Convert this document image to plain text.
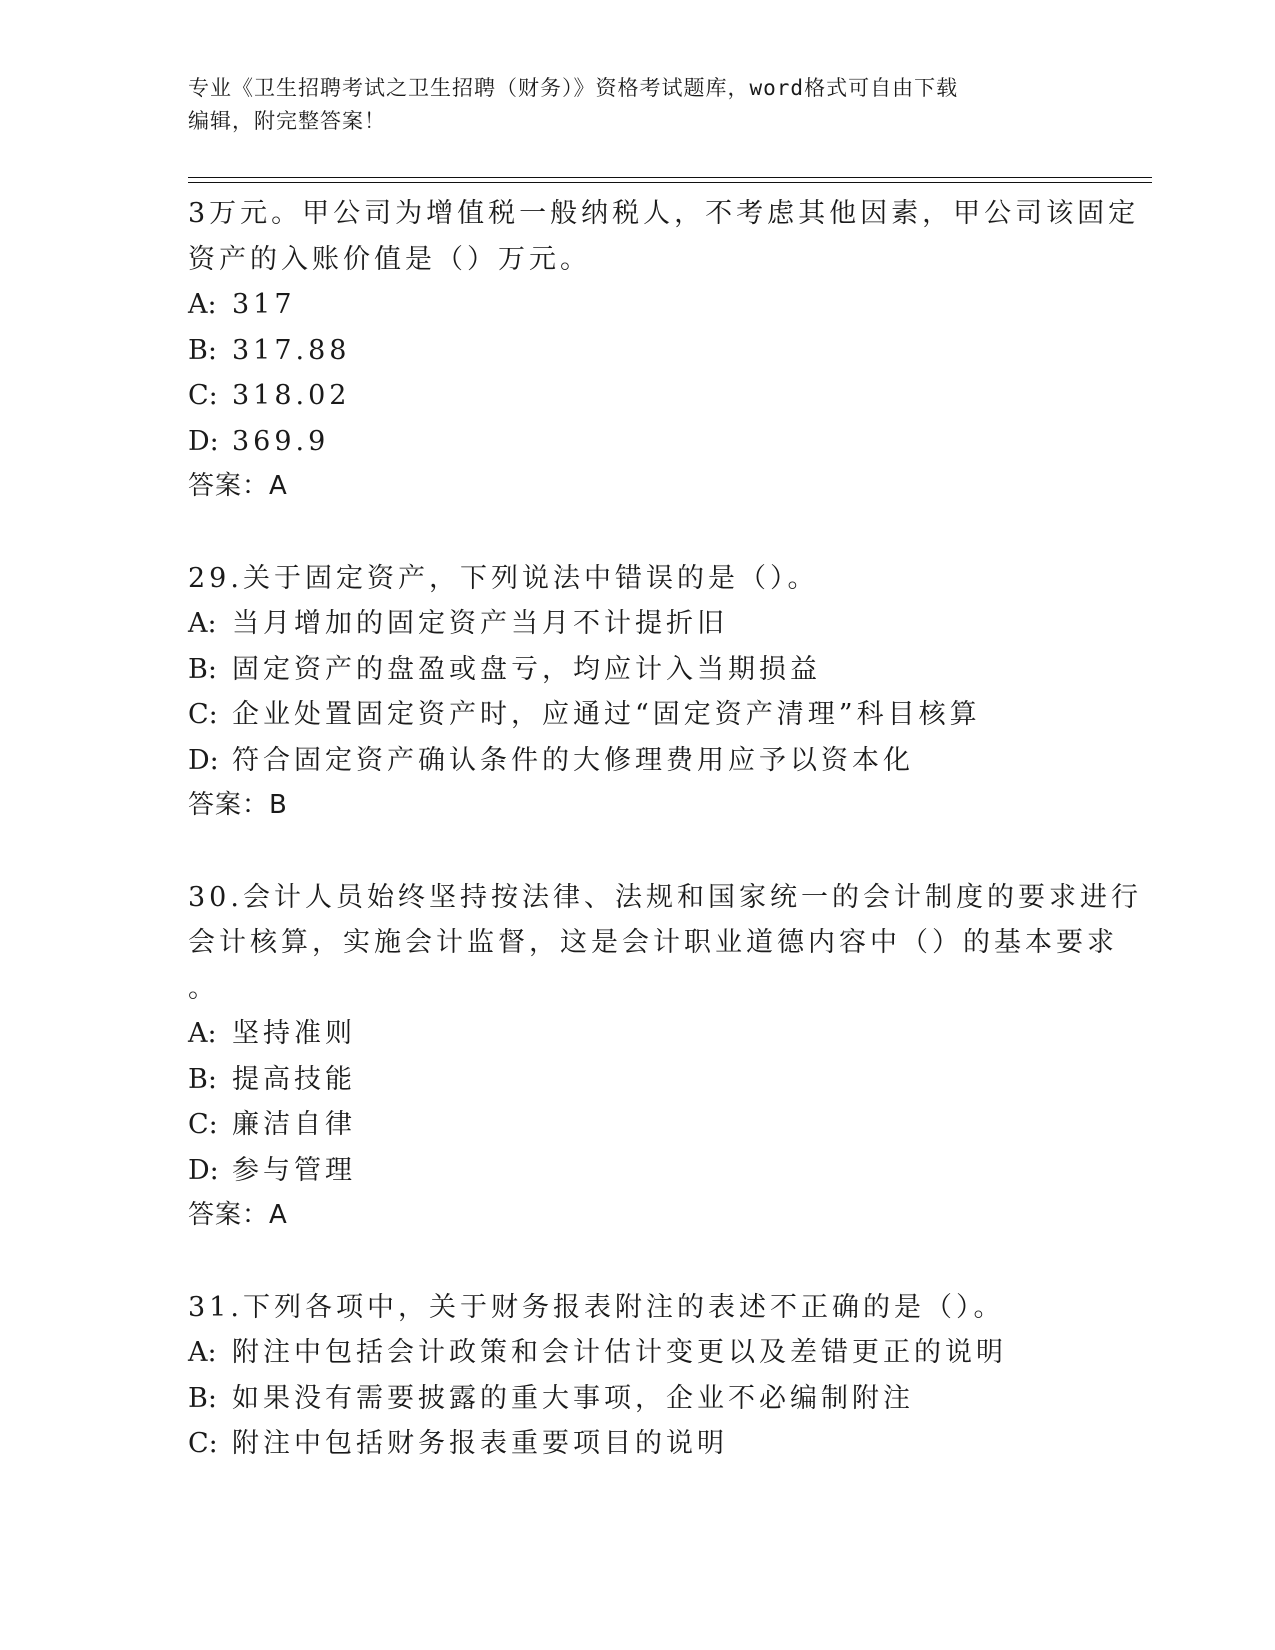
专业《卫生招聘考试之卫生招聘（财务）》资格考试题库，word格式可自由下载
编辑，附完整答案！
3万元。甲公司为增值税一般纳税人，不考虑其他因素，甲公司该固定
资产的入账价值是（）万元。
A: 317
B: 317.88
C: 318.02
D: 369.9
答案：A
29.关于固定资产，下列说法中错误的是（）。
A: 当月增加的固定资产当月不计提折旧
B: 固定资产的盘盈或盘亏，均应计入当期损益
C: 企业处置固定资产时，应通过“固定资产清理”科目核算
D: 符合固定资产确认条件的大修理费用应予以资本化
答案：B
30.会计人员始终坚持按法律、法规和国家统一的会计制度的要求进行
会计核算，实施会计监督，这是会计职业道德内容中（）的基本要求
。
A: 坚持准则
B: 提高技能
C: 廉洁自律
D: 参与管理
答案：A
31.下列各项中，关于财务报表附注的表述不正确的是（）。
A: 附注中包括会计政策和会计估计变更以及差错更正的说明
B: 如果没有需要披露的重大事项，企业不必编制附注
C: 附注中包括财务报表重要项目的说明
